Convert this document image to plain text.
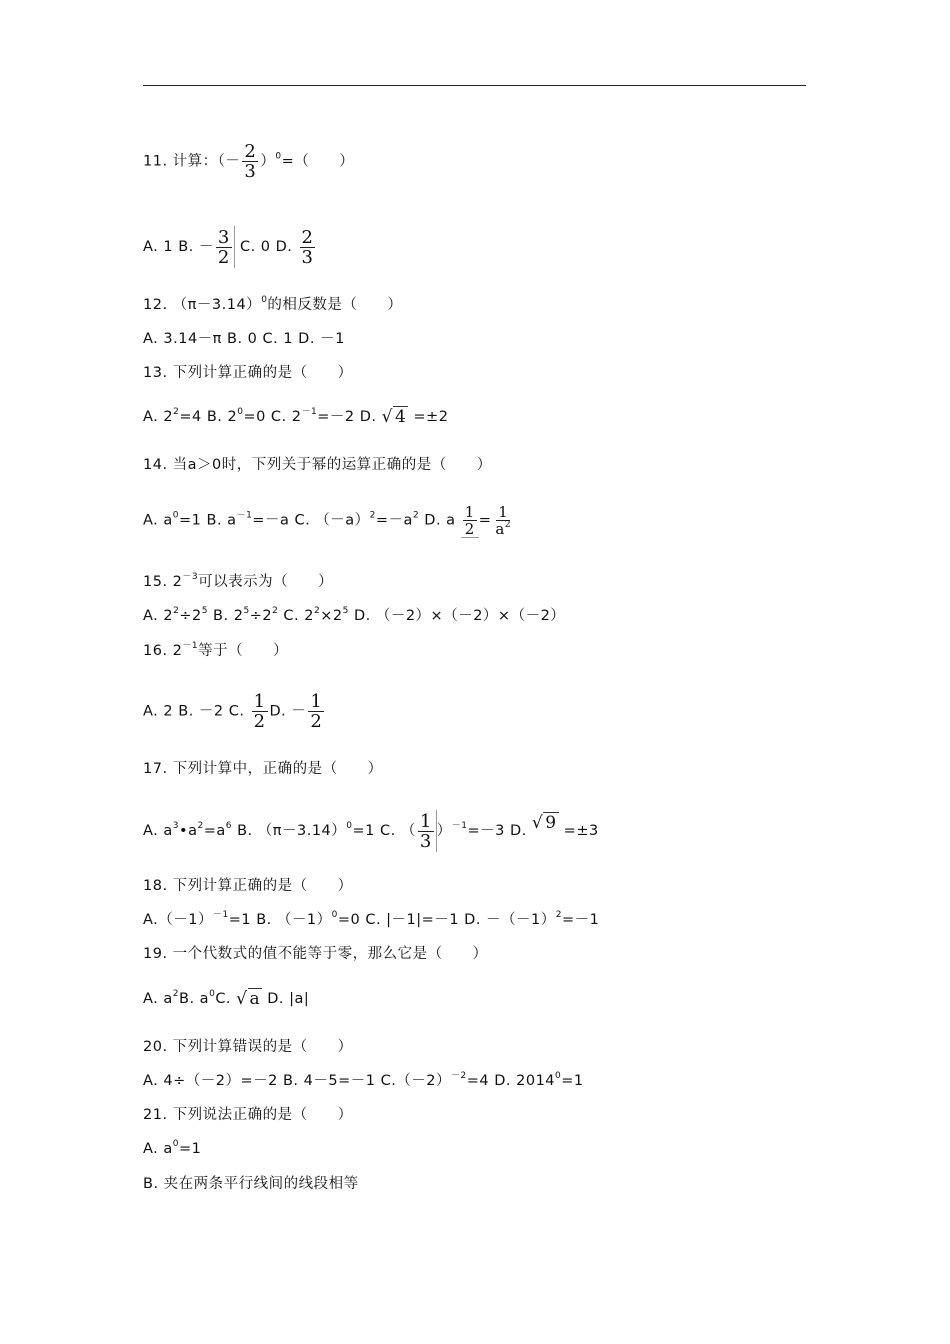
11. 计算：（－ $\frac{2}{3} )^0=$（　　）
A. 1 B. － $\frac{3}{2} C$. 0 D. $\frac{2}{3}$
12. $(\pi-3.14)^0$的相反数是（　　）
A. 3.14－π B. 0 C. 1 D. －1
13. 下列计算正确的是（　　）
A. $2^2=4$ B. $2^0=0$ C. $2^{-1}=-2$ D. √ 4 =±2
14. 当a＞0时，下列关于幂的运算正确的是（　　）
A. $a^0=1$ B. $a^{-1}=-a$ C. $(-a)^2=-a^2$ D. a $\frac{1}{2} = \frac{1}{a^2}$
15. $2^{-3}$可以表示为（　　）
A. $2^2\div 2^5$ B. $2^5\div 2^2$ C. $2^2\times 2^5$ D. （－2）×（－2）×（－2）
16. $2^{-1}$等于（　　）
A. 2 B. －2 C. $\frac{1}{2} D$. － $\frac{1}{2}$
17. 下列计算中，正确的是（　　）
A. $a^3•a^2=a^6$ B. $(\pi-3.14)^0=1$ C. （ $\frac{1}{3} )^{-1}=-3$ D. √ 9 =±3
18. 下列计算正确的是（　　）
$A.(-1)^{-1}=1$ B. $(-1)^0=0$ C. |－1|=－1 D. $-(-1)^2=-1$
19. 一个代数式的值不能等于零，那么它是（　　）
A. $a^2B$. $a^0C$. √ a D. |a|
20. 下列计算错误的是（　　）
A. 4÷（－2）=－2 B. 4－5=－1 $C.(-2)^{-2}=4$ D. $2014^0=1$
21. 下列说法正确的是（　　）
A. $a^0=1$
B. 夹在两条平行线间的线段相等
